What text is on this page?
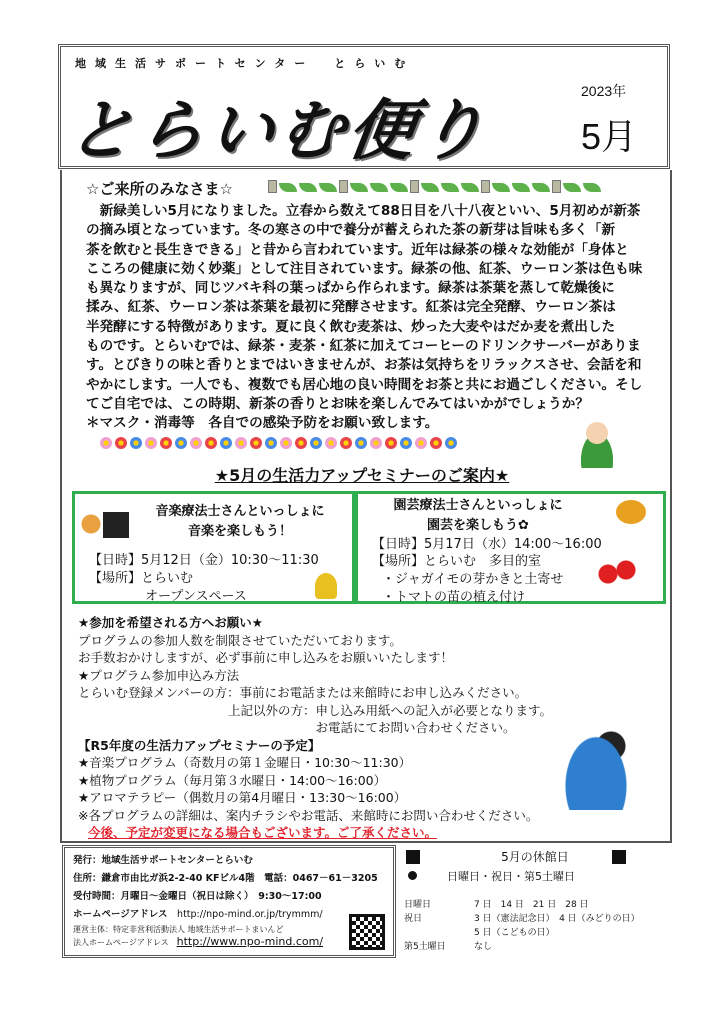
地域生活サポートセンター　とらいむ
とらいむ便り
2023年
5月
☆ご来所のみなさま☆
　新緑美しい5月になりました。立春から数えて88日目を八十八夜といい、5月初めが新茶
の摘み頃となっています。冬の寒さの中で養分が蓄えられた茶の新芽は旨味も多く「新
茶を飲むと長生きできる」と昔から言われています。近年は緑茶の様々な効能が「身体と
こころの健康に効く妙薬」として注目されています。緑茶の他、紅茶、ウーロン茶は色も味
も異なりますが、同じツバキ科の葉っぱから作られます。緑茶は茶葉を蒸して乾燥後に
揉み、紅茶、ウーロン茶は茶葉を最初に発酵させます。紅茶は完全発酵、ウーロン茶は
半発酵にする特徴があります。夏に良く飲む麦茶は、炒った大麦やはだか麦を煮出した
ものです。とらいむでは、緑茶・麦茶・紅茶に加えてコーヒーのドリンクサーバーがありま
す。とびきりの味と香りとまではいきませんが、お茶は気持ちをリラックスさせ、会話を和
やかにします。一人でも、複数でも居心地の良い時間をお茶と共にお過ごしください。そし
てご自宅では、この時期、新茶の香りとお味を楽しんでみてはいかがでしょうか？
＊マスク・消毒等　各自での感染予防をお願い致します。
★5月の生活力アップセミナーのご案内★
音楽療法士さんといっしょに
音楽を楽しもう！
【日時】5月12日（金）10:30～11:30
【場所】とらいむ
オープンスペース
園芸療法士さんといっしょに
園芸を楽しもう✿
【日時】5月17日（水）14:00～16:00
【場所】とらいむ　多目的室
・ジャガイモの芽かきと土寄せ
・トマトの苗の植え付け
★参加を希望される方へお願い★
プログラムの参加人数を制限させていただいております。
お手数おかけしますが、必ず事前に申し込みをお願いいたします！
★プログラム参加申込み方法
とらいむ登録メンバーの方：事前にお電話または来館時にお申し込みください。
　　　　　　　　　　　　上記以外の方：申し込み用紙への記入が必要となります。
　　　　　　　　　　　　　　　　　　　お電話にてお問い合わせください。
【R5年度の生活力アップセミナーの予定】
★音楽プログラム（奇数月の第１金曜日・10:30～11:30）
★植物プログラム（毎月第３水曜日・14:00～16:00）
★アロマテラピー（偶数月の第4月曜日・13:30～16:00）
※各プログラムの詳細は、案内チラシやお電話、来館時にお問い合わせください。
今後、予定が変更になる場合もございます。ご了承ください。
発行：地域生活サポートセンターとらいむ
住所：鎌倉市由比ガ浜2-2-40 KFビル4階　電話：0467－61－3205
受付時間：月曜日～金曜日（祝日は除く）　9:30～17:00
ホームページアドレス　 http://npo-mind.or.jp/trymmm/
運営主体：特定非営利活動法人 地域生活サポートまいんど
法人ホームページアドレス　 http://www.npo-mind.com/
5月の休館日
日曜日・祝日・第5土曜日
日曜日	7 日　14 日　21 日　28 日
祝日	3 日（憲法記念日）　4 日（みどりの日）
5 日（こどもの日）
第5土曜日	なし
